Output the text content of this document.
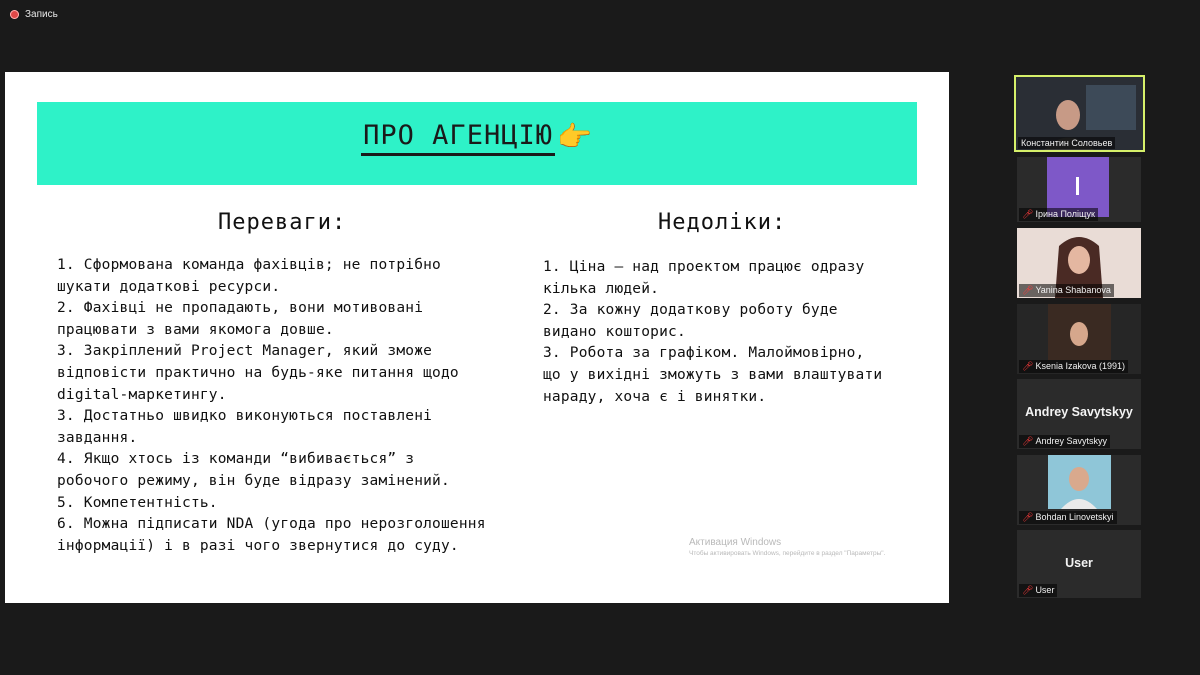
Запись
ПРО АГЕНЦІЮ 👉
Переваги:	Недоліки:
1. Сформована команда фахівців; не потрібно
шукати додаткові ресурси.
2. Фахівці не пропадають, вони мотивовані
працювати з вами якомога довше.
3. Закріплений Project Manager, який зможе
відповісти практично на будь-яке питання щодо
digital-маркетингу.
3. Достатньо швидко виконуються поставлені
завдання.
4. Якщо хтось із команди “вибивається” з
робочого режиму, він буде відразу замінений.
5. Компетентність.
6. Можна підписати NDA (угода про нерозголошення
інформації) і в разі чого звернутися до суду.
1. Ціна — над проектом працює одразу
кілька людей.
2. За кожну додаткову роботу буде
видано кошторис.
3. Робота за графіком. Малоймовірно,
що у вихідні зможуть з вами влаштувати
нараду, хоча є і винятки.
Активация Windows
Чтобы активировать Windows, перейдите в раздел "Параметры".
Константин Соловьев
🎤︎ Ірина Поліщук
🎤︎ Yanina Shabanova
🎤︎ Ksenia Izakova (1991)
Andrey Savytskyy
🎤︎ Andrey Savytskyy
🎤︎ Bohdan Linovetskyi
User
🎤︎ User
